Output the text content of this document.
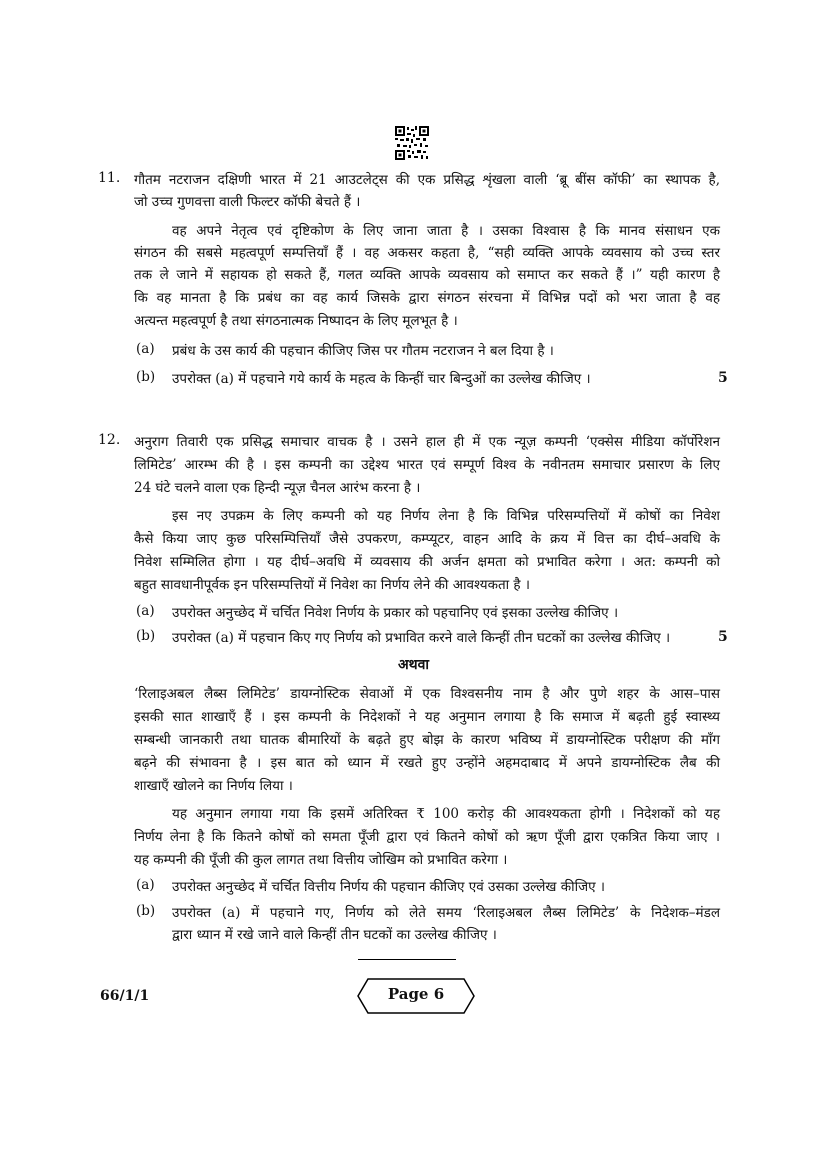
11. गौतम नटराजन दक्षिणी भारत में 21 आउटलेट्स की एक प्रसिद्ध शृंखला वाली ‘ब्रू बींस कॉफी’ का स्थापक है,
जो उच्च गुणवत्ता वाली फिल्टर कॉफी बेचते हैं ।
वह अपने नेतृत्व एवं दृष्टिकोण के लिए जाना जाता है । उसका विश्वास है कि मानव संसाधन एक
संगठन की सबसे महत्वपूर्ण सम्पत्तियाँ हैं । वह अकसर कहता है, “सही व्यक्ति आपके व्यवसाय को उच्च स्तर
तक ले जाने में सहायक हो सकते हैं, गलत व्यक्ति आपके व्यवसाय को समाप्त कर सकते हैं ।” यही कारण है
कि वह मानता है कि प्रबंध का वह कार्य जिसके द्वारा संगठन संरचना में विभिन्न पदों को भरा जाता है वह
अत्यन्त महत्वपूर्ण है तथा संगठनात्मक निष्पादन के लिए मूलभूत है ।
(a) प्रबंध के उस कार्य की पहचान कीजिए जिस पर गौतम नटराजन ने बल दिया है ।
(b) उपरोक्त (a) में पहचाने गये कार्य के महत्व के किन्हीं चार बिन्दुओं का उल्लेख कीजिए ।	5
12. अनुराग तिवारी एक प्रसिद्ध समाचार वाचक है । उसने हाल ही में एक न्यूज़ कम्पनी ‘एक्सेस मीडिया कॉर्पोरेशन
लिमिटेड’ आरम्भ की है । इस कम्पनी का उद्देश्य भारत एवं सम्पूर्ण विश्व के नवीनतम समाचार प्रसारण के लिए
24 घंटे चलने वाला एक हिन्दी न्यूज़ चैनल आरंभ करना है ।
इस नए उपक्रम के लिए कम्पनी को यह निर्णय लेना है कि विभिन्न परिसम्पत्तियों में कोषों का निवेश
कैसे किया जाए कुछ परिसम्पित्तियाँ जैसे उपकरण, कम्प्यूटर, वाहन आदि के क्रय में वित्त का दीर्घ–अवधि के
निवेश सम्मिलित होगा । यह दीर्घ–अवधि में व्यवसाय की अर्जन क्षमता को प्रभावित करेगा । अत: कम्पनी को
बहुत सावधानीपूर्वक इन परिसम्पत्तियों में निवेश का निर्णय लेने की आवश्यकता है ।
(a) उपरोक्त अनुच्छेद में चर्चित निवेश निर्णय के प्रकार को पहचानिए एवं इसका उल्लेख कीजिए ।
(b) उपरोक्त (a) में पहचान किए गए निर्णय को प्रभावित करने वाले किन्हीं तीन घटकों का उल्लेख कीजिए ।	5
अथवा
‘रिलाइअबल लैब्स लिमिटेड’ डायग्नोस्टिक सेवाओं में एक विश्वसनीय नाम है और पुणे शहर के आस–पास
इसकी सात शाखाएँ हैं । इस कम्पनी के निदेशकों ने यह अनुमान लगाया है कि समाज में बढ़ती हुई स्वास्थ्य
सम्बन्धी जानकारी तथा घातक बीमारियों के बढ़ते हुए बोझ के कारण भविष्य में डायग्नोस्टिक परीक्षण की माँग
बढ़ने की संभावना है । इस बात को ध्यान में रखते हुए उन्होंने अहमदाबाद में अपने डायग्नोस्टिक लैब की
शाखाएँ खोलने का निर्णय लिया ।
यह अनुमान लगाया गया कि इसमें अतिरिक्त ₹ 100 करोड़ की आवश्यकता होगी । निदेशकों को यह
निर्णय लेना है कि कितने कोषों को समता पूँजी द्वारा एवं कितने कोषों को ऋण पूँजी द्वारा एकत्रित किया जाए ।
यह कम्पनी की पूँजी की कुल लागत तथा वित्तीय जोखिम को प्रभावित करेगा ।
(a) उपरोक्त अनुच्छेद में चर्चित वित्तीय निर्णय की पहचान कीजिए एवं उसका उल्लेख कीजिए ।
(b) उपरोक्त (a) में पहचाने गए, निर्णय को लेते समय ‘रिलाइअबल लैब्स लिमिटेड’ के निदेशक–मंडल
द्वारा ध्यान में रखे जाने वाले किन्हीं तीन घटकों का उल्लेख कीजिए ।
66/1/1	Page 6
